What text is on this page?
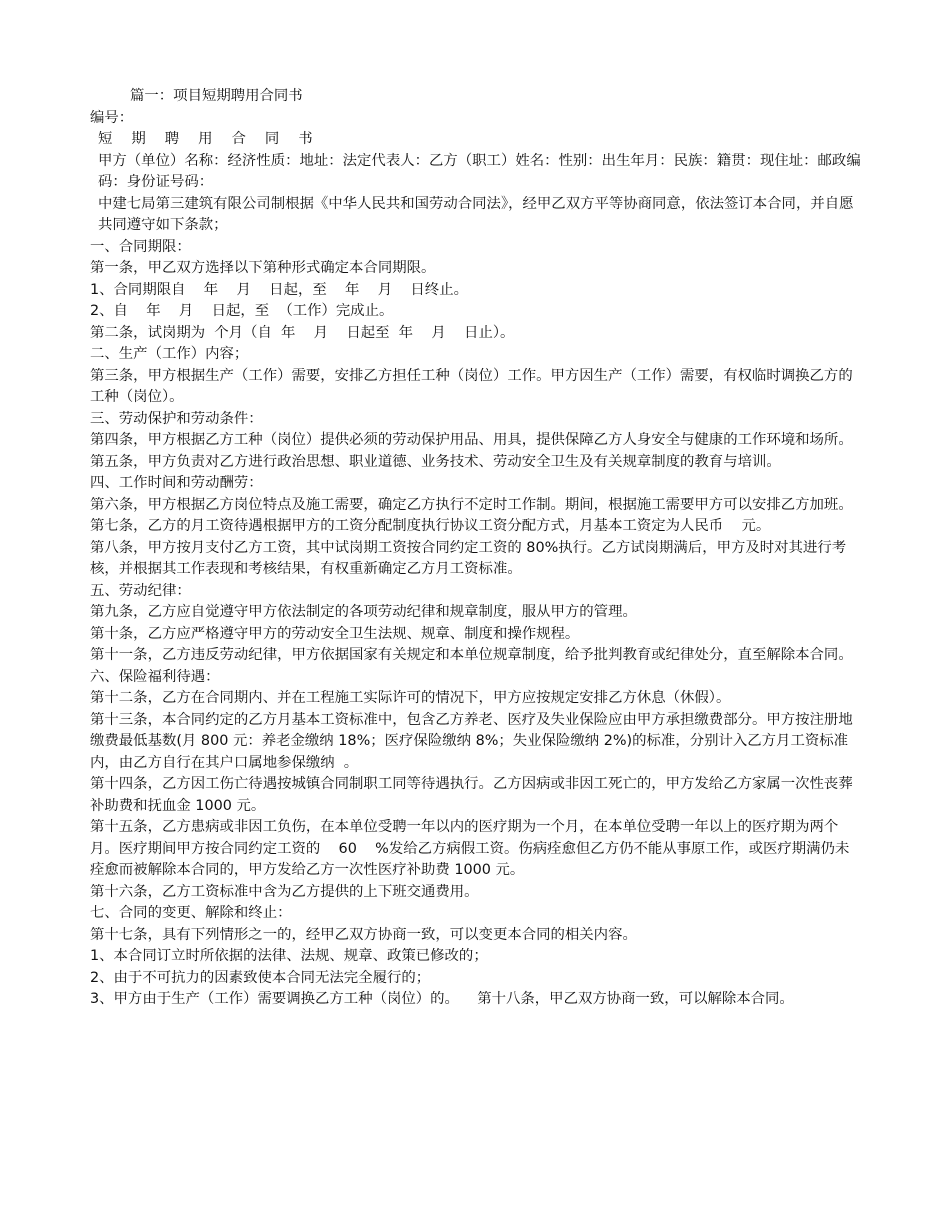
篇一：项目短期聘用合同书

编号：

短 期 聘 用 合 同 书

甲方（单位）名称：经济性质：地址：法定代表人：乙方（职工）姓名：性别：出生年月：民族：籍贯：现住址：邮政编码：身份证号码：

中建七局第三建筑有限公司制根据《中华人民共和国劳动合同法》，经甲乙双方平等协商同意，依法签订本合同，并自愿共同遵守如下条款；

一、合同期限：

第一条，甲乙双方选择以下第种形式确定本合同期限。

1、合同期限自    年    月    日起，至    年    月    日终止。

2、自    年    月    日起，至  （工作）完成止。

第二条，试岗期为  个月（自  年    月    日起至  年    月    日止）。

二、生产（工作）内容；

第三条，甲方根据生产（工作）需要，安排乙方担任工种（岗位）工作。甲方因生产（工作）需要，有权临时调换乙方的工种（岗位）。

三、劳动保护和劳动条件：

第四条，甲方根据乙方工种（岗位）提供必须的劳动保护用品、用具，提供保障乙方人身安全与健康的工作环境和场所。

第五条，甲方负责对乙方进行政治思想、职业道德、业务技术、劳动安全卫生及有关规章制度的教育与培训。

四、工作时间和劳动酬劳：

第六条，甲方根据乙方岗位特点及施工需要，确定乙方执行不定时工作制。期间，根据施工需要甲方可以安排乙方加班。

第七条，乙方的月工资待遇根据甲方的工资分配制度执行协议工资分配方式，月基本工资定为人民币    元。

第八条，甲方按月支付乙方工资，其中试岗期工资按合同约定工资的 80%执行。乙方试岗期满后，甲方及时对其进行考核，并根据其工作表现和考核结果，有权重新确定乙方月工资标准。

五、劳动纪律：

第九条，乙方应自觉遵守甲方依法制定的各项劳动纪律和规章制度，服从甲方的管理。

第十条，乙方应严格遵守甲方的劳动安全卫生法规、规章、制度和操作规程。

第十一条，乙方违反劳动纪律，甲方依据国家有关规定和本单位规章制度，给予批判教育或纪律处分，直至解除本合同。

六、保险福利待遇：

第十二条，乙方在合同期内、并在工程施工实际许可的情况下，甲方应按规定安排乙方休息（休假）。

第十三条，本合同约定的乙方月基本工资标准中，包含乙方养老、医疗及失业保险应由甲方承担缴费部分。甲方按注册地缴费最低基数(月 800 元：养老金缴纳 18%；医疗保险缴纳 8%；失业保险缴纳 2%)的标准，分别计入乙方月工资标准内，由乙方自行在其户口属地参保缴纳  。

第十四条，乙方因工伤亡待遇按城镇合同制职工同等待遇执行。乙方因病或非因工死亡的，甲方发给乙方家属一次性丧葬补助费和抚血金 1000 元。

第十五条，乙方患病或非因工负伤，在本单位受聘一年以内的医疗期为一个月，在本单位受聘一年以上的医疗期为两个月。医疗期间甲方按合同约定工资的    60    %发给乙方病假工资。伤病痊愈但乙方仍不能从事原工作，或医疗期满仍未痊愈而被解除本合同的，甲方发给乙方一次性医疗补助费 1000 元。

第十六条，乙方工资标准中含为乙方提供的上下班交通费用。

七、合同的变更、解除和终止：

第十七条，具有下列情形之一的，经甲乙双方协商一致，可以变更本合同的相关内容。

1、本合同订立时所依据的法律、法规、规章、政策已修改的；

2、由于不可抗力的因素致使本合同无法完全履行的；

3、甲方由于生产（工作）需要调换乙方工种（岗位）的。    第十八条，甲乙双方协商一致，可以解除本合同。
